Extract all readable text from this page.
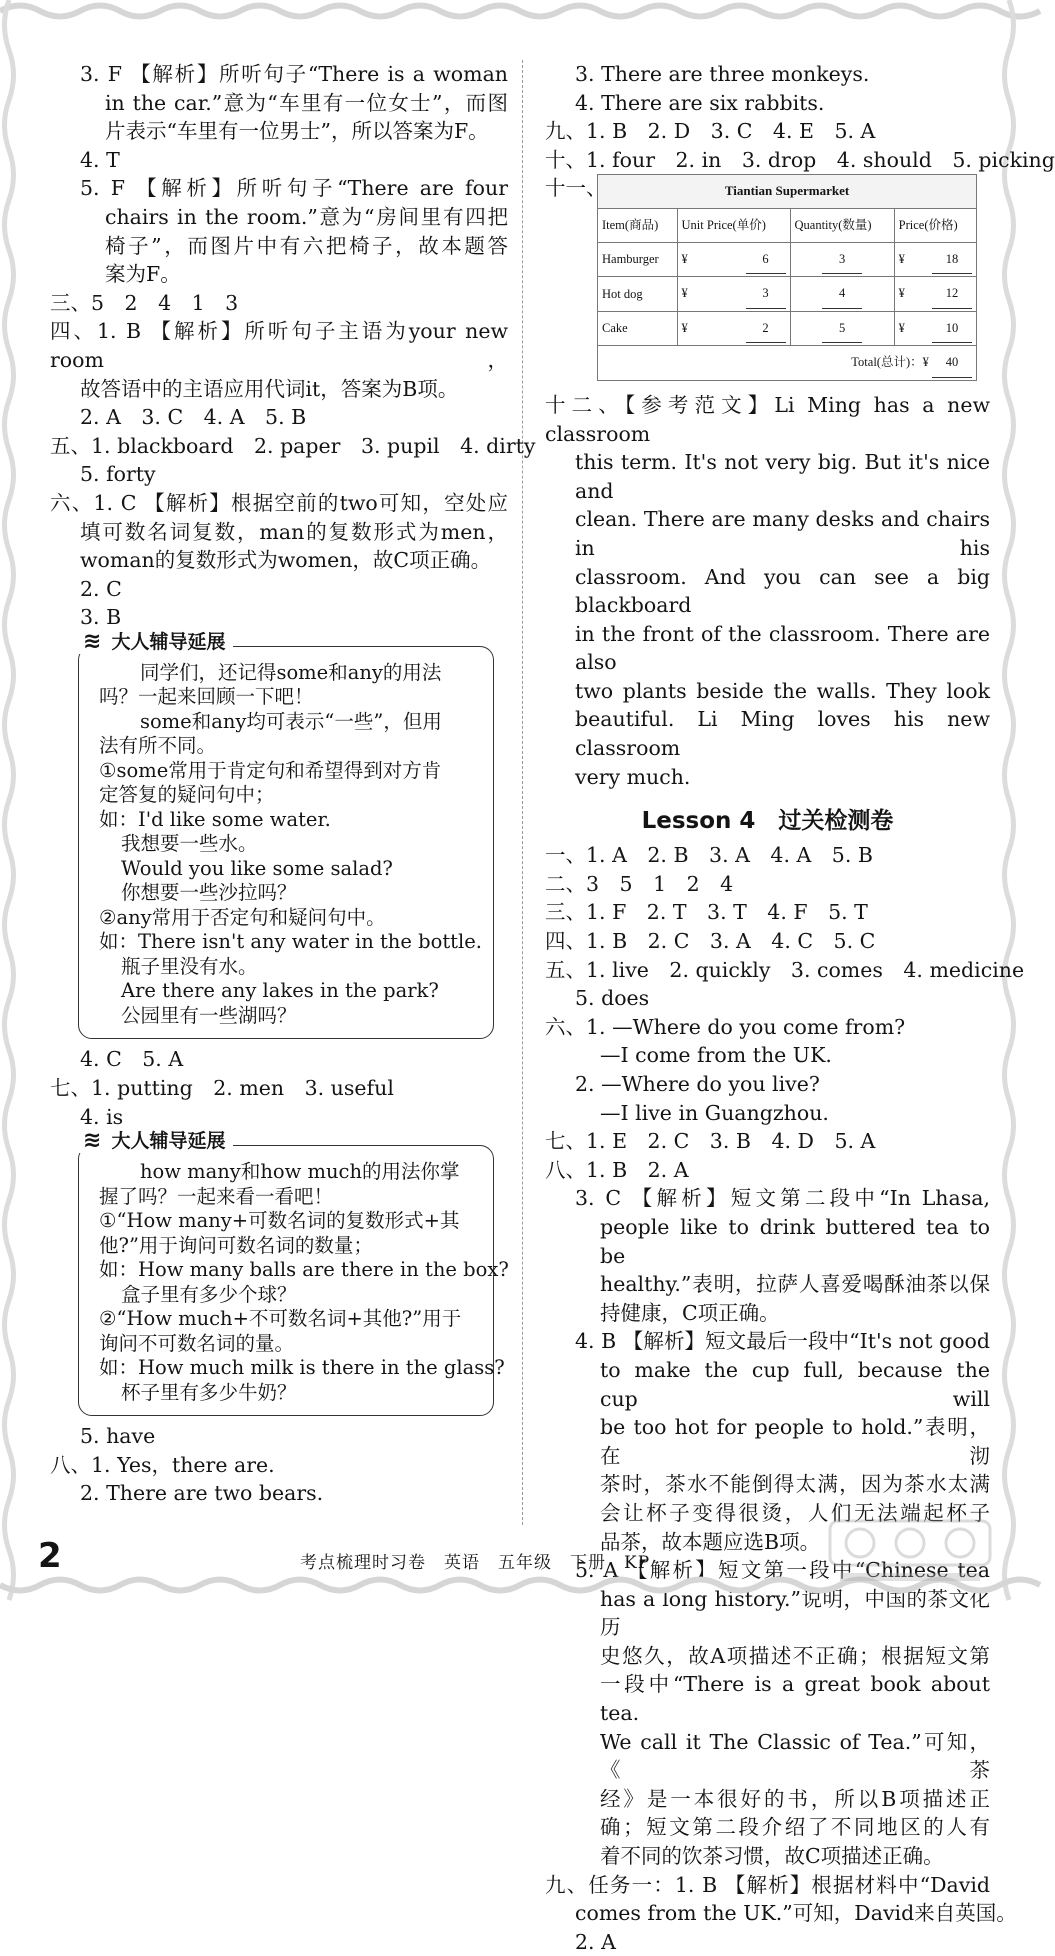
3. F 【解析】所听句子“There is a woman
in the car.”意为“车里有一位女士”，而图
片表示“车里有一位男士”，所以答案为F。
4. T
5. F 【解析】所听句子“There are four
chairs in the room.”意为“房间里有四把
椅子”，而图片中有六把椅子，故本题答
案为F。
三、5　2　4　1　3
四、1. B 【解析】所听句子主语为your new room，
故答语中的主语应用代词it，答案为B项。
2. A　3. C　4. A　5. B
五、1. blackboard　2. paper　3. pupil　4. dirty
5. forty
六、1. C 【解析】根据空前的two可知，空处应
填可数名词复数，man的复数形式为men，
woman的复数形式为women，故C项正确。
2. C
3. B
≋ 大人辅导延展
同学们，还记得some和any的用法
吗？一起来回顾一下吧！
some和any均可表示“一些”，但用
法有所不同。
①some常用于肯定句和希望得到对方肯
定答复的疑问句中；
如：I'd like some water.
我想要一些水。
Would you like some salad?
你想要一些沙拉吗？
②any常用于否定句和疑问句中。
如：There isn't any water in the bottle.
瓶子里没有水。
Are there any lakes in the park?
公园里有一些湖吗？
4. C　5. A
七、1. putting　2. men　3. useful
4. is
≋ 大人辅导延展
how many和how much的用法你掌
握了吗？一起来看一看吧！
①“How many+可数名词的复数形式+其
他?”用于询问可数名词的数量；
如：How many balls are there in the box?
盒子里有多少个球？
②“How much+不可数名词+其他?”用于
询问不可数名词的量。
如：How much milk is there in the glass?
杯子里有多少牛奶？
5. have
八、1. Yes，there are.
2. There are two bears.
3. There are three monkeys.
4. There are six rabbits.
九、1. B　2. D　3. C　4. E　5. A
十、1. four　2. in　3. drop　4. should　5. picking
十一、	Tiantian Supermarket			
Item(商品)	Unit Price(单价)	Quantity(数量)	Price(价格)
Hamburger	¥ 6	3	¥ 18

Hot dog	¥ 3	4	¥ 12

Cake	¥ 2	5	¥ 10

Total(总计)：¥ 40			
十二、【参考范文】Li Ming has a new classroom
this term. It's not very big. But it's nice and
clean. There are many desks and chairs in his
classroom. And you can see a big blackboard
in the front of the classroom. There are also
two plants beside the walls. They look
beautiful. Li Ming loves his new classroom
very much.
Lesson 4　过关检测卷
一、1. A　2. B　3. A　4. A　5. B
二、3　5　1　2　4
三、1. F　2. T　3. T　4. F　5. T
四、1. B　2. C　3. A　4. C　5. C
五、1. live　2. quickly　3. comes　4. medicine
5. does
六、1. —Where do you come from?
—I come from the UK.
2. —Where do you live?
—I live in Guangzhou.
七、1. E　2. C　3. B　4. D　5. A
八、1. B　2. A
3. C 【解析】短文第二段中“In Lhasa,
people like to drink buttered tea to be
healthy.”表明，拉萨人喜爱喝酥油茶以保
持健康，C项正确。
4. B 【解析】短文最后一段中“It's not good
to make the cup full, because the cup will
be too hot for people to hold.”表明，在沏
茶时，茶水不能倒得太满，因为茶水太满
会让杯子变得很烫，人们无法端起杯子
品茶，故本题应选B项。
5. A 【解析】短文第一段中“Chinese tea
has a long history.”说明，中国的茶文化历
史悠久，故A项描述不正确；根据短文第
一段中“There is a great book about tea.
We call it The Classic of Tea.”可知，《茶
经》是一本很好的书，所以B项描述正
确；短文第二段介绍了不同地区的人有
着不同的饮茶习惯，故C项描述正确。
九、任务一：1. B 【解析】根据材料中“David
comes from the UK.”可知，David来自英国。
2. A
2	考点梳理时习卷　英语　五年级　下册　KP
